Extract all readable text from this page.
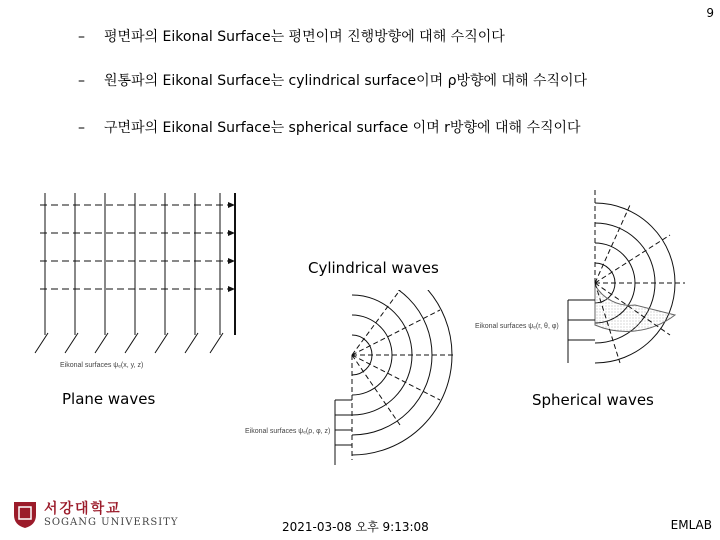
9
– 평면파의 Eikonal Surface는 평면이며 진행방향에 대해 수직이다
– 원통파의 Eikonal Surface는 cylindrical surface이며 ρ방향에 대해 수직이다
– 구면파의 Eikonal Surface는 spherical surface 이며 r방향에 대해 수직이다
Eikonal surfaces ψₑ(x, y, z)
Plane waves
Eikonal surfaces ψₑ(ρ, φ, z)
Cylindrical waves
Eikonal surfaces ψₑ(r, θ, φ)
Spherical waves
서강대학교
SOGANG UNIVERSITY	2021-03-08 오후 9:13:08	EMLAB
